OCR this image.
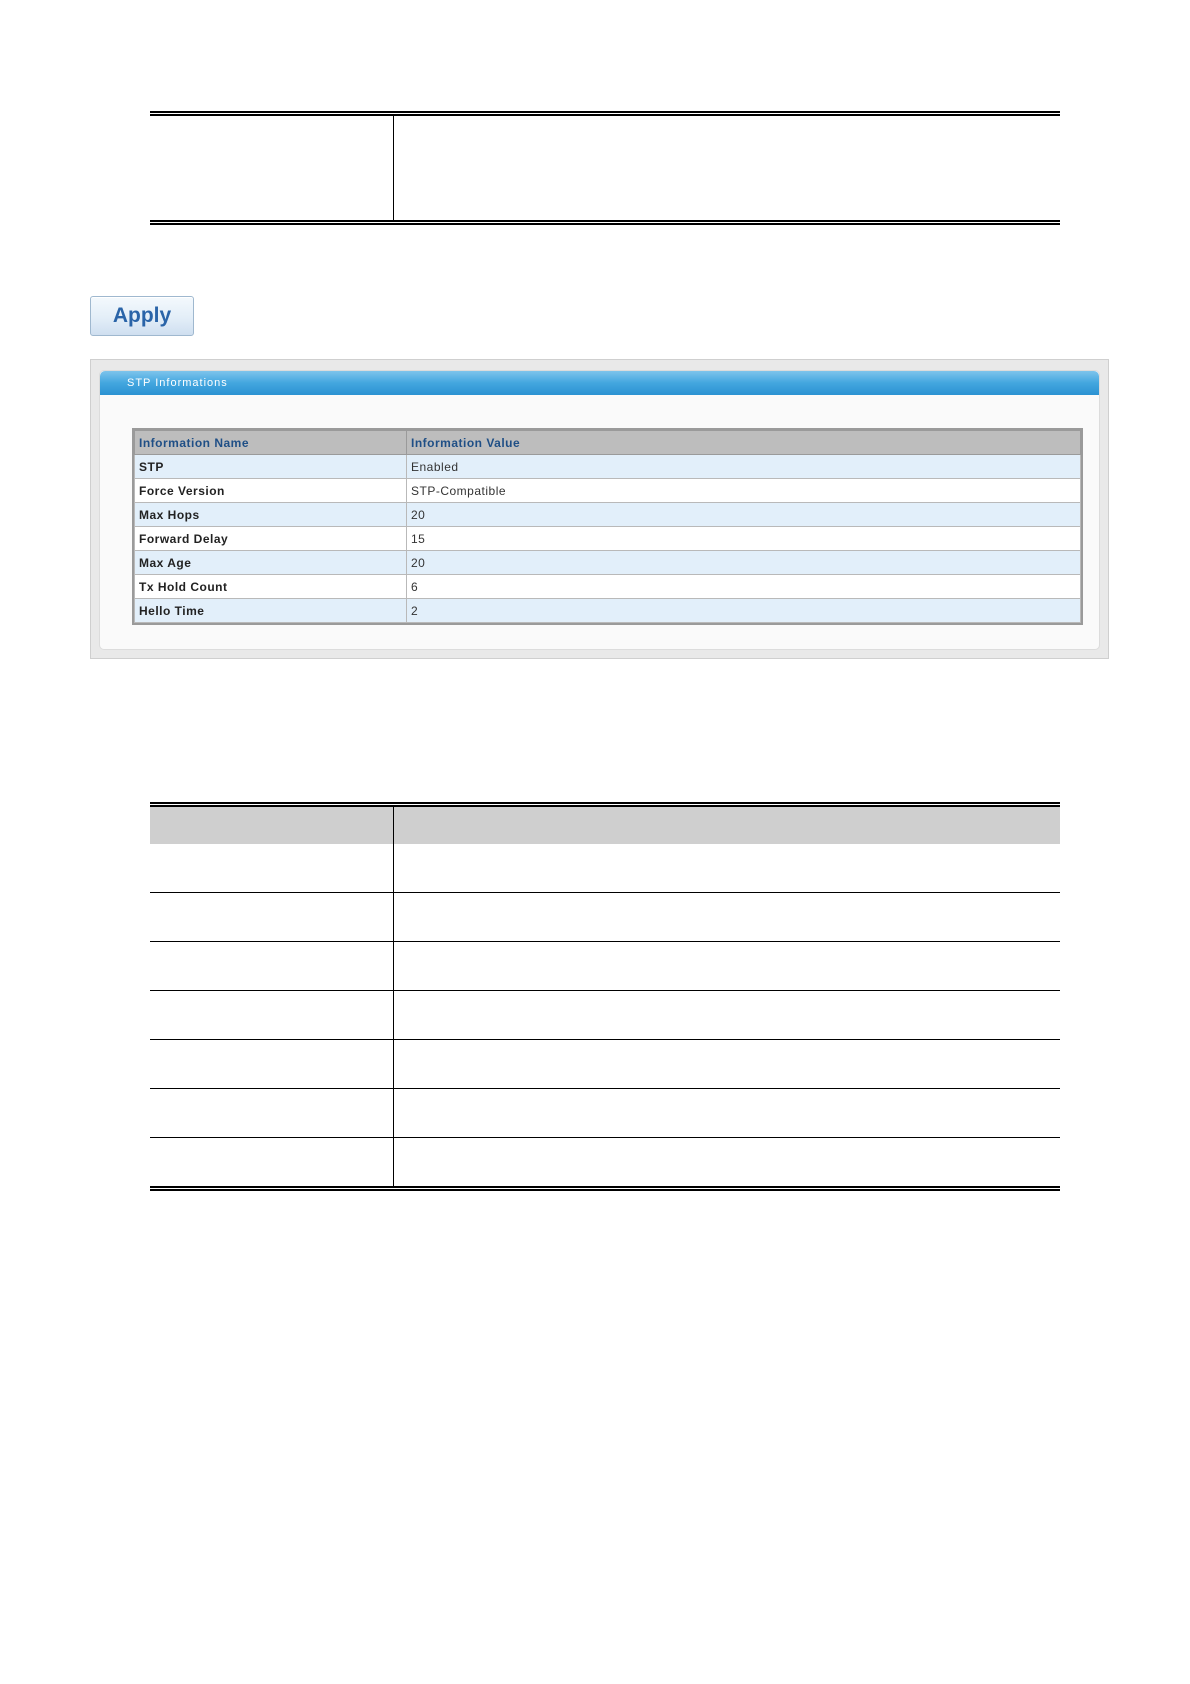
Apply
STP Informations
Information Name	Information Value
STP	Enabled
Force Version	STP-Compatible
Max Hops	20
Forward Delay	15
Max Age	20
Tx Hold Count	6
Hello Time	2
